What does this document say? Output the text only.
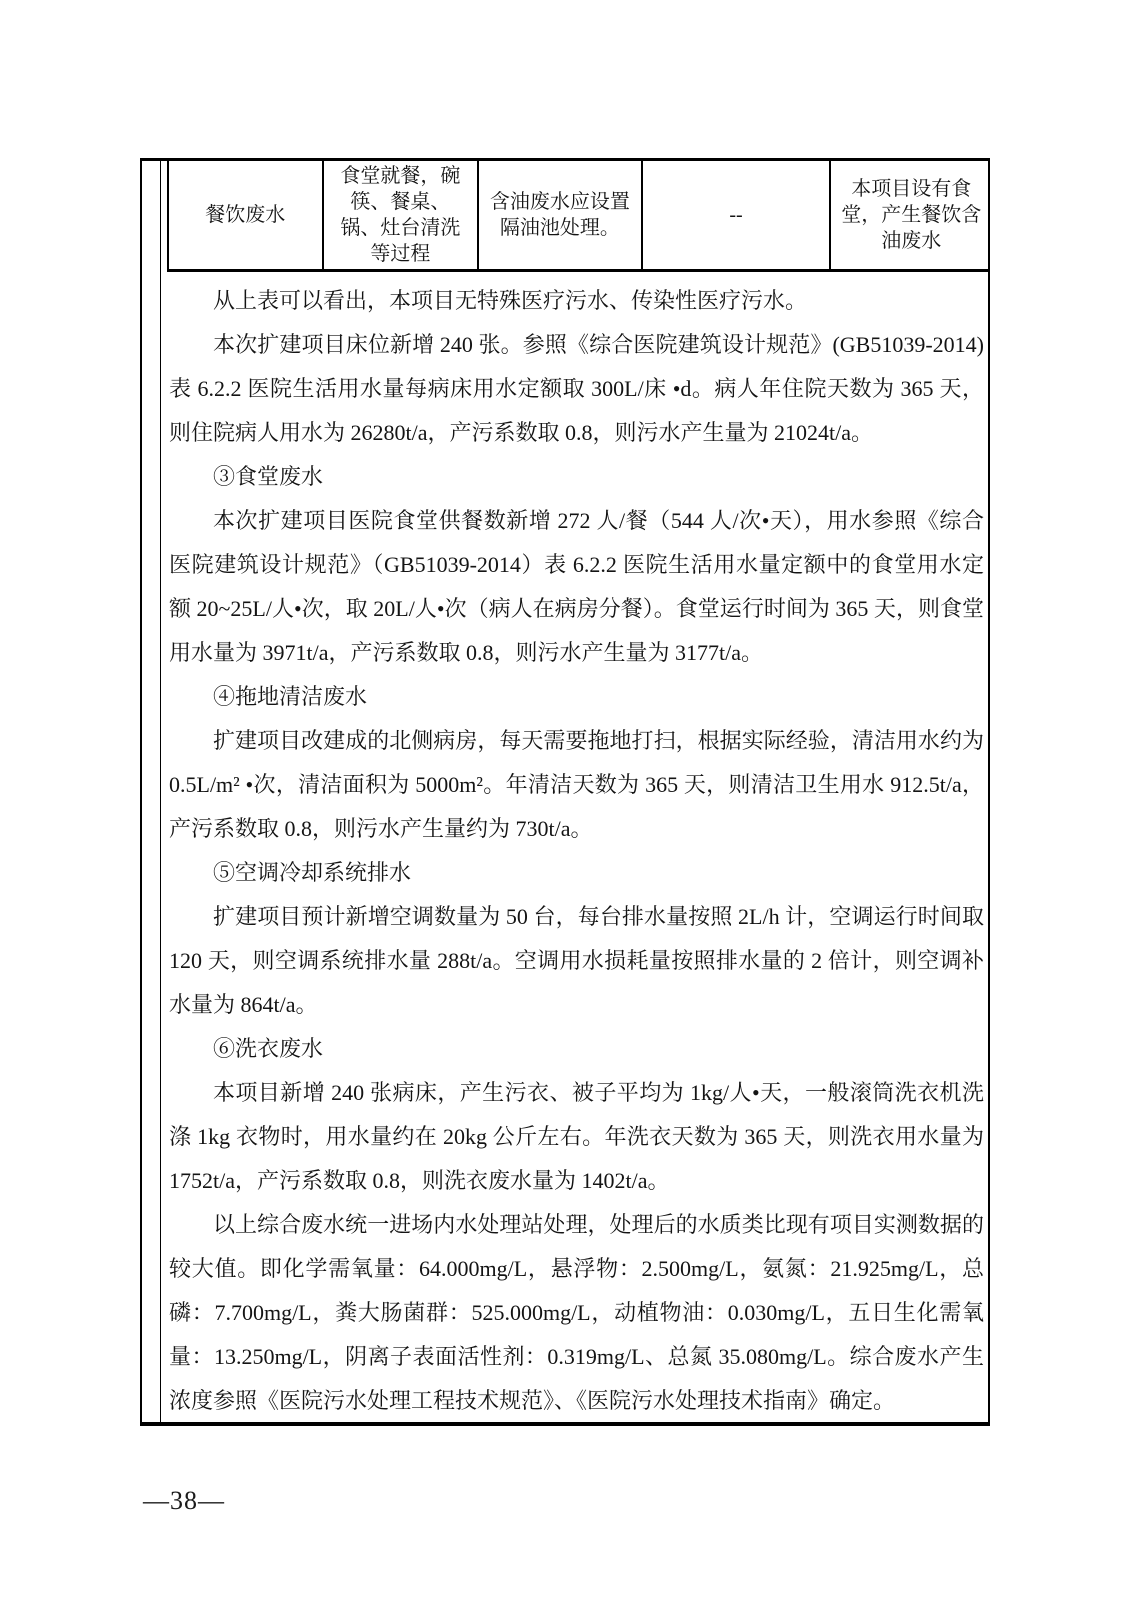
餐饮废水	食堂就餐，碗筷、餐桌、锅、灶台清洗等过程	含油废水应设置隔油池处理。	--	本项目设有食堂，产生餐饮含油废水

从上表可以看出，本项目无特殊医疗污水、传染性医疗污水。

本次扩建项目床位新增 240 张。参照《综合医院建筑设计规范》(GB51039-2014) 表 6.2.2 医院生活用水量每病床用水定额取 300L/床 •d。病人年住院天数为 365 天，则住院病人用水为 26280t/a，产污系数取 0.8，则污水产生量为 21024t/a。

③食堂废水

本次扩建项目医院食堂供餐数新增 272 人/餐（544 人/次•天），用水参照《综合医院建筑设计规范》（GB51039-2014）表 6.2.2 医院生活用水量定额中的食堂用水定额 20~25L/人•次，取 20L/人•次（病人在病房分餐）。食堂运行时间为 365 天，则食堂用水量为 3971t/a，产污系数取 0.8，则污水产生量为 3177t/a。

④拖地清洁废水

扩建项目改建成的北侧病房，每天需要拖地打扫，根据实际经验，清洁用水约为 0.5L/m² •次，清洁面积为 5000m²。年清洁天数为 365 天，则清洁卫生用水 912.5t/a，产污系数取 0.8，则污水产生量约为 730t/a。

⑤空调冷却系统排水

扩建项目预计新增空调数量为 50 台，每台排水量按照 2L/h 计，空调运行时间取 120 天，则空调系统排水量 288t/a。空调用水损耗量按照排水量的 2 倍计，则空调补水量为 864t/a。

⑥洗衣废水

本项目新增 240 张病床，产生污衣、被子平均为 1kg/人•天，一般滚筒洗衣机洗涤 1kg 衣物时，用水量约在 20kg 公斤左右。年洗衣天数为 365 天，则洗衣用水量为 1752t/a，产污系数取 0.8，则洗衣废水量为 1402t/a。

以上综合废水统一进场内水处理站处理，处理后的水质类比现有项目实测数据的较大值。即化学需氧量：64.000mg/L，悬浮物：2.500mg/L，氨氮：21.925mg/L，总磷：7.700mg/L，粪大肠菌群：525.000mg/L，动植物油：0.030mg/L，五日生化需氧量：13.250mg/L，阴离子表面活性剂：0.319mg/L、总氮 35.080mg/L。综合废水产生浓度参照《医院污水处理工程技术规范》、《医院污水处理技术指南》确定。

—38—
